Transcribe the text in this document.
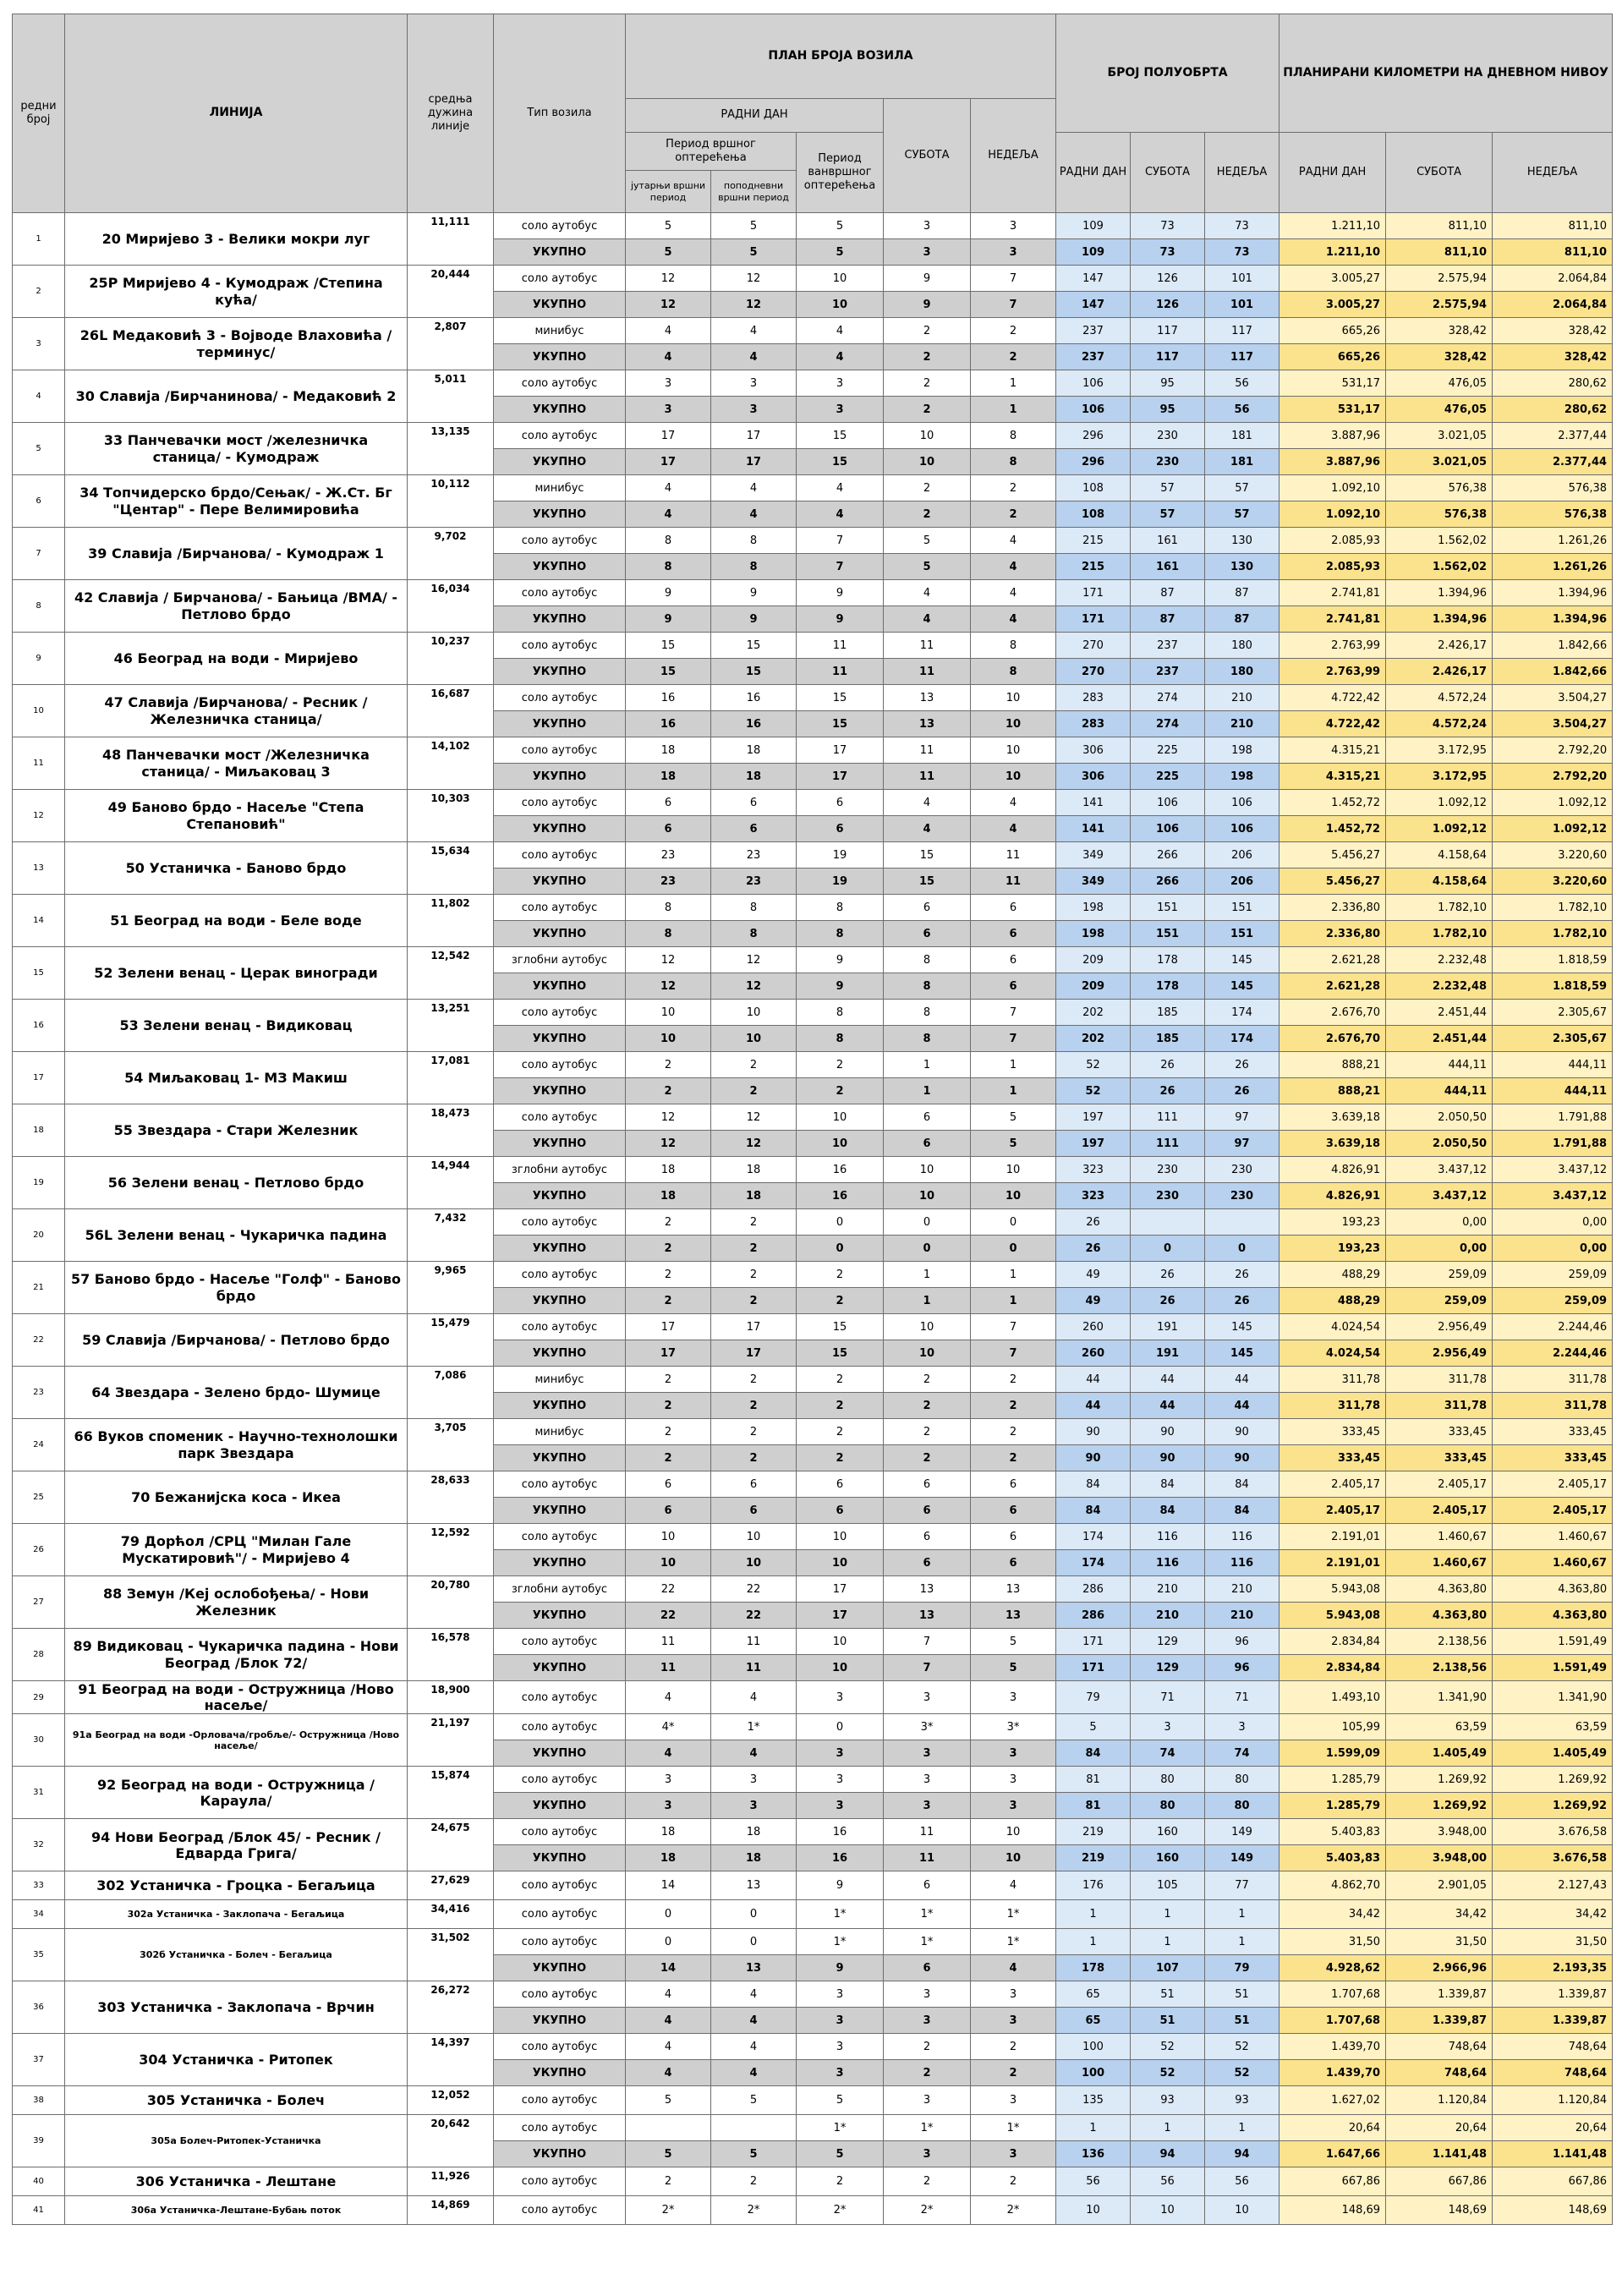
редни број	ЛИНИЈА	средња дужина линије	Тип возила	ПЛАН БРОЈА ВОЗИЛА					БРОЈ ПОЛУОБРТА			ПЛАНИРАНИ КИЛОМЕТРИ НА ДНЕВНОМ НИВОУ		
				РАДНИ ДАН			СУБОТА	НЕДЕЉА						
				Период вршног оптерећења		Период ванвршног оптерећења			РАДНИ ДАН	СУБОТА	НЕДЕЉА	РАДНИ ДАН	СУБОТА	НЕДЕЉА
				јутарњи вршни период	поподневни вршни период									
1	20 Миријево 3 - Велики мокри луг	11,111	соло аутобус	5	5	5	3	3	109	73	73	1.211,10	811,10	811,10
			УКУПНО	5	5	5	3	3	109	73	73	1.211,10	811,10	811,10
2	25Р Миријево 4 - Кумодраж /Степина кућа/	20,444	соло аутобус	12	12	10	9	7	147	126	101	3.005,27	2.575,94	2.064,84
			УКУПНО	12	12	10	9	7	147	126	101	3.005,27	2.575,94	2.064,84
3	26L Медаковић 3 - Војводе Влаховића /терминус/	2,807	минибус	4	4	4	2	2	237	117	117	665,26	328,42	328,42
			УКУПНО	4	4	4	2	2	237	117	117	665,26	328,42	328,42
4	30 Славија /Бирчанинова/ - Медаковић 2	5,011	соло аутобус	3	3	3	2	1	106	95	56	531,17	476,05	280,62
			УКУПНО	3	3	3	2	1	106	95	56	531,17	476,05	280,62
5	33 Панчевачки мост /железничка станица/ - Кумодраж	13,135	соло аутобус	17	17	15	10	8	296	230	181	3.887,96	3.021,05	2.377,44
			УКУПНО	17	17	15	10	8	296	230	181	3.887,96	3.021,05	2.377,44
6	34 Топчидерско брдо/Сењак/ - Ж.Ст. Бг "Центар" - Пере Велимировића	10,112	минибус	4	4	4	2	2	108	57	57	1.092,10	576,38	576,38
			УКУПНО	4	4	4	2	2	108	57	57	1.092,10	576,38	576,38
7	39 Славија /Бирчанова/ - Кумодраж 1	9,702	соло аутобус	8	8	7	5	4	215	161	130	2.085,93	1.562,02	1.261,26
			УКУПНО	8	8	7	5	4	215	161	130	2.085,93	1.562,02	1.261,26
8	42 Славија / Бирчанова/ - Бањица /ВМА/ - Петлово брдо	16,034	соло аутобус	9	9	9	4	4	171	87	87	2.741,81	1.394,96	1.394,96
			УКУПНО	9	9	9	4	4	171	87	87	2.741,81	1.394,96	1.394,96
9	46 Београд на води - Миријево	10,237	соло аутобус	15	15	11	11	8	270	237	180	2.763,99	2.426,17	1.842,66
			УКУПНО	15	15	11	11	8	270	237	180	2.763,99	2.426,17	1.842,66
10	47 Славија /Бирчанова/ - Ресник /Железничка станица/	16,687	соло аутобус	16	16	15	13	10	283	274	210	4.722,42	4.572,24	3.504,27
			УКУПНО	16	16	15	13	10	283	274	210	4.722,42	4.572,24	3.504,27
11	48 Панчевачки мост /Железничка станица/ - Миљаковац 3	14,102	соло аутобус	18	18	17	11	10	306	225	198	4.315,21	3.172,95	2.792,20
			УКУПНО	18	18	17	11	10	306	225	198	4.315,21	3.172,95	2.792,20
12	49 Баново брдо - Насеље "Степа Степановић"	10,303	соло аутобус	6	6	6	4	4	141	106	106	1.452,72	1.092,12	1.092,12
			УКУПНО	6	6	6	4	4	141	106	106	1.452,72	1.092,12	1.092,12
13	50 Устаничка - Баново брдо	15,634	соло аутобус	23	23	19	15	11	349	266	206	5.456,27	4.158,64	3.220,60
			УКУПНО	23	23	19	15	11	349	266	206	5.456,27	4.158,64	3.220,60
14	51 Београд на води - Беле воде	11,802	соло аутобус	8	8	8	6	6	198	151	151	2.336,80	1.782,10	1.782,10
			УКУПНО	8	8	8	6	6	198	151	151	2.336,80	1.782,10	1.782,10
15	52 Зелени венац - Церак виногради	12,542	зглобни аутобус	12	12	9	8	6	209	178	145	2.621,28	2.232,48	1.818,59
			УКУПНО	12	12	9	8	6	209	178	145	2.621,28	2.232,48	1.818,59
16	53 Зелени венац - Видиковац	13,251	соло аутобус	10	10	8	8	7	202	185	174	2.676,70	2.451,44	2.305,67
			УКУПНО	10	10	8	8	7	202	185	174	2.676,70	2.451,44	2.305,67
17	54 Миљаковац 1- МЗ Макиш	17,081	соло аутобус	2	2	2	1	1	52	26	26	888,21	444,11	444,11
			УКУПНО	2	2	2	1	1	52	26	26	888,21	444,11	444,11
18	55 Звездара - Стари Железник	18,473	соло аутобус	12	12	10	6	5	197	111	97	3.639,18	2.050,50	1.791,88
			УКУПНО	12	12	10	6	5	197	111	97	3.639,18	2.050,50	1.791,88
19	56 Зелени венац - Петлово брдо	14,944	зглобни аутобус	18	18	16	10	10	323	230	230	4.826,91	3.437,12	3.437,12
			УКУПНО	18	18	16	10	10	323	230	230	4.826,91	3.437,12	3.437,12
20	56L Зелени венац - Чукаричка падина	7,432	соло аутобус	2	2	0	0	0	26			193,23	0,00	0,00
			УКУПНО	2	2	0	0	0	26	0	0	193,23	0,00	0,00
21	57 Баново брдо - Насеље "Голф" - Баново брдо	9,965	соло аутобус	2	2	2	1	1	49	26	26	488,29	259,09	259,09
			УКУПНО	2	2	2	1	1	49	26	26	488,29	259,09	259,09
22	59 Славија /Бирчанова/ - Петлово брдо	15,479	соло аутобус	17	17	15	10	7	260	191	145	4.024,54	2.956,49	2.244,46
			УКУПНО	17	17	15	10	7	260	191	145	4.024,54	2.956,49	2.244,46
23	64 Звездара - Зелено брдо- Шумице	7,086	минибус	2	2	2	2	2	44	44	44	311,78	311,78	311,78
			УКУПНО	2	2	2	2	2	44	44	44	311,78	311,78	311,78
24	66 Вуков споменик - Научно-технолошки парк Звездара	3,705	минибус	2	2	2	2	2	90	90	90	333,45	333,45	333,45
			УКУПНО	2	2	2	2	2	90	90	90	333,45	333,45	333,45
25	70 Бежанијска коса - Икеа	28,633	соло аутобус	6	6	6	6	6	84	84	84	2.405,17	2.405,17	2.405,17
			УКУПНО	6	6	6	6	6	84	84	84	2.405,17	2.405,17	2.405,17
26	79 Дорћол /СРЦ "Милан Гале Мускатировић"/ - Миријево 4	12,592	соло аутобус	10	10	10	6	6	174	116	116	2.191,01	1.460,67	1.460,67
			УКУПНО	10	10	10	6	6	174	116	116	2.191,01	1.460,67	1.460,67
27	88 Земун /Кеј ослобођења/ - Нови Железник	20,780	зглобни аутобус	22	22	17	13	13	286	210	210	5.943,08	4.363,80	4.363,80
			УКУПНО	22	22	17	13	13	286	210	210	5.943,08	4.363,80	4.363,80
28	89 Видиковац - Чукаричка падина - Нови Београд /Блок 72/	16,578	соло аутобус	11	11	10	7	5	171	129	96	2.834,84	2.138,56	1.591,49
			УКУПНО	11	11	10	7	5	171	129	96	2.834,84	2.138,56	1.591,49
29	91 Београд на води - Остружница /Ново насеље/	18,900	соло аутобус	4	4	3	3	3	79	71	71	1.493,10	1.341,90	1.341,90
30	91a Београд на води -Орловача/гробље/- Остружница /Ново насеље/	21,197	соло аутобус	4*	1*	0	3*	3*	5	3	3	105,99	63,59	63,59
			УКУПНО	4	4	3	3	3	84	74	74	1.599,09	1.405,49	1.405,49
31	92 Београд на води - Остружница /Караула/	15,874	соло аутобус	3	3	3	3	3	81	80	80	1.285,79	1.269,92	1.269,92
			УКУПНО	3	3	3	3	3	81	80	80	1.285,79	1.269,92	1.269,92
32	94 Нови Београд /Блок 45/ - Ресник /Едварда Грига/	24,675	соло аутобус	18	18	16	11	10	219	160	149	5.403,83	3.948,00	3.676,58
			УКУПНО	18	18	16	11	10	219	160	149	5.403,83	3.948,00	3.676,58
33	302 Устаничка - Гроцка - Бегаљица	27,629	соло аутобус	14	13	9	6	4	176	105	77	4.862,70	2.901,05	2.127,43
34	302а Устаничка - Заклопача - Бегаљица	34,416	соло аутобус	0	0	1*	1*	1*	1	1	1	34,42	34,42	34,42
35	302б Устаничка - Болеч - Бегаљица	31,502	соло аутобус	0	0	1*	1*	1*	1	1	1	31,50	31,50	31,50
			УКУПНО	14	13	9	6	4	178	107	79	4.928,62	2.966,96	2.193,35
36	303 Устаничка - Заклопача - Врчин	26,272	соло аутобус	4	4	3	3	3	65	51	51	1.707,68	1.339,87	1.339,87
			УКУПНО	4	4	3	3	3	65	51	51	1.707,68	1.339,87	1.339,87
37	304 Устаничка - Ритопек	14,397	соло аутобус	4	4	3	2	2	100	52	52	1.439,70	748,64	748,64
			УКУПНО	4	4	3	2	2	100	52	52	1.439,70	748,64	748,64
38	305 Устаничка - Болеч	12,052	соло аутобус	5	5	5	3	3	135	93	93	1.627,02	1.120,84	1.120,84
39	305а Болеч-Ритопек-Устаничка	20,642	соло аутобус			1*	1*	1*	1	1	1	20,64	20,64	20,64
			УКУПНО	5	5	5	3	3	136	94	94	1.647,66	1.141,48	1.141,48
40	306 Устаничка - Лештане	11,926	соло аутобус	2	2	2	2	2	56	56	56	667,86	667,86	667,86
41	306а Устаничка-Лештане-Бубањ поток	14,869	соло аутобус	2*	2*	2*	2*	2*	10	10	10	148,69	148,69	148,69
